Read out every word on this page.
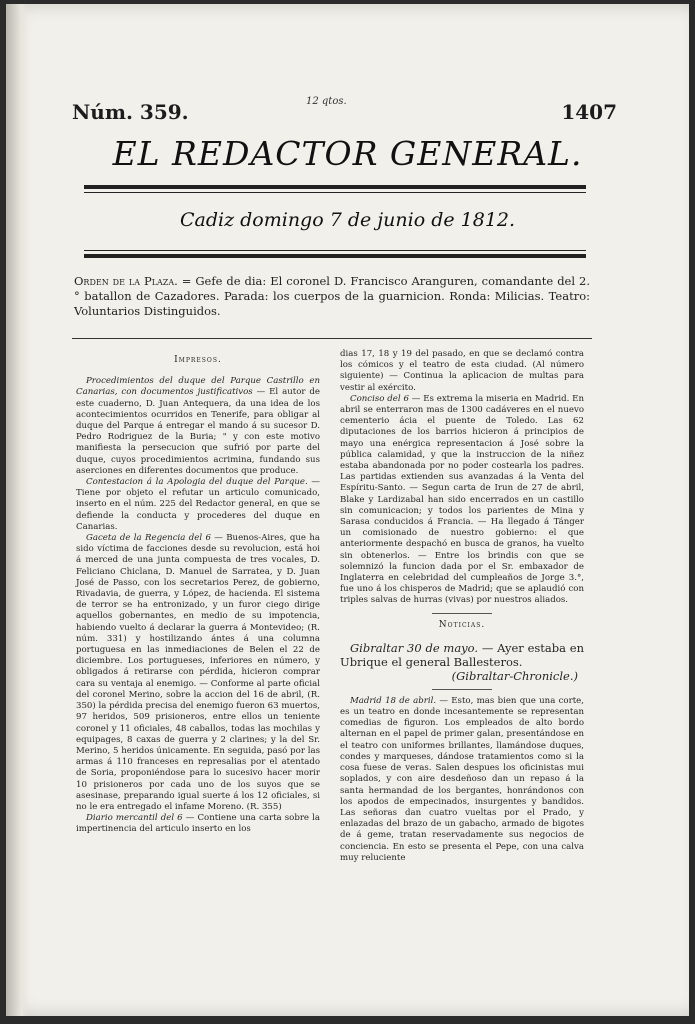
Núm. 359.	12 qtos.	1407
EL REDACTOR GENERAL.
Cadiz domingo 7 de junio de 1812.
Orden de la Plaza. = Gefe de dia: El coronel D. Francisco Aranguren, comandante del 2.° batallon de Cazadores. Parada: los cuerpos de la guarnicion. Ronda: Milicias. Teatro: Voluntarios Distinguidos.
Impresos.

Procedimientos del duque del Parque Castrillo en Canarias, con documentos justificativos — El autor de este cuaderno, D. Juan Antequera, da una idea de los acontecimientos ocurridos en Tenerife, para obligar al duque del Parque á entregar el mando á su sucesor D. Pedro Rodriguez de la Buria; " y con este motivo manifiesta la persecucion que sufrió por parte del duque, cuyos procedimientos acrimina, fundando sus aserciones en diferentes documentos que produce.

Contestacion á la Apologia del duque del Parque. — Tiene por objeto el refutar un articulo comunicado, inserto en el núm. 225 del Redactor general, en que se defiende la conducta y procederes del duque en Canarias.

Gaceta de la Regencia del 6 — Buenos-Aires, que ha sido víctima de facciones desde su revolucion, está hoi á merced de una junta compuesta de tres vocales, D. Feliciano Chiclana, D. Manuel de Sarratea, y D. Juan José de Passo, con los secretarios Perez, de gobierno, Rivadavia, de guerra, y López, de hacienda. El sistema de terror se ha entronizado, y un furor ciego dirige aquellos gobernantes, en medio de su impotencia, habiendo vuelto á declarar la guerra á Montevideo; (R. núm. 331) y hostilizando ántes á una columna portuguesa en las inmediaciones de Belen el 22 de diciembre. Los portugueses, inferiores en número, y obligados á retirarse con pérdida, hicieron comprar cara su ventaja al enemigo. — Conforme al parte oficial del coronel Merino, sobre la accion del 16 de abril, (R. 350) la pérdida precisa del enemigo fueron 63 muertos, 97 heridos, 509 prisioneros, entre ellos un teniente coronel y 11 oficiales, 48 caballos, todas las mochilas y equipages, 8 caxas de guerra y 2 clarines; y la del Sr. Merino, 5 heridos únicamente. En seguida, pasó por las armas á 110 franceses en represalias por el atentado de Soria, proponiéndose para lo sucesivo hacer morir 10 prisioneros por cada uno de los suyos que se asesinase, preparando igual suerte á los 12 oficiales, si no le era entregado el infame Moreno. (R. 355)

Diario mercantil del 6 — Contiene una carta sobre la impertinencia del articulo inserto en los

dias 17, 18 y 19 del pasado, en que se declamó contra los cómicos y el teatro de esta ciudad. (Al número siguiente) — Continua la aplicacion de multas para vestir al exército.

Conciso del 6 — Es extrema la miseria en Madrid. En abril se enterraron mas de 1300 cadáveres en el nuevo cementerio ácia el puente de Toledo. Las 62 diputaciones de los barrios hicieron á principios de mayo una enérgica representacion á José sobre la pública calamidad, y que la instruccion de la niñez estaba abandonada por no poder costearla los padres. Las partidas extienden sus avanzadas á la Venta del Espíritu-Santo. — Segun carta de Irun de 27 de abril, Blake y Lardizabal han sido encerrados en un castillo sin comunicacion; y todos los parientes de Mina y Sarasa conducidos á Francia. — Ha llegado á Tánger un comisionado de nuestro gobierno: el que anteriormente despachó en busca de granos, ha vuelto sin obtenerlos. — Entre los brindis con que se solemnizó la funcion dada por el Sr. embaxador de Inglaterra en celebridad del cumpleaños de Jorge 3.°, fue uno á los chisperos de Madrid; que se aplaudió con triples salvas de hurras (vivas) por nuestros aliados.

Noticias.

Gibraltar 30 de mayo. — Ayer estaba en Ubrique el general Ballesteros.

(Gibraltar-Chronicle.)

Madrid 18 de abril. — Esto, mas bien que una corte, es un teatro en donde incesantemente se representan comedias de figuron. Los empleados de alto bordo alternan en el papel de primer galan, presentándose en el teatro con uniformes brillantes, llamándose duques, condes y marqueses, dándose tratamientos como si la cosa fuese de veras. Salen despues los oficinistas mui soplados, y con aire desdeñoso dan un repaso á la santa hermandad de los bergantes, honrándonos con los apodos de empecinados, insurgentes y bandidos. Las señoras dan cuatro vueltas por el Prado, y enlazadas del brazo de un gabacho, armado de bigotes de á geme, tratan reservadamente sus negocios de conciencia. En esto se presenta el Pepe, con una calva muy reluciente
